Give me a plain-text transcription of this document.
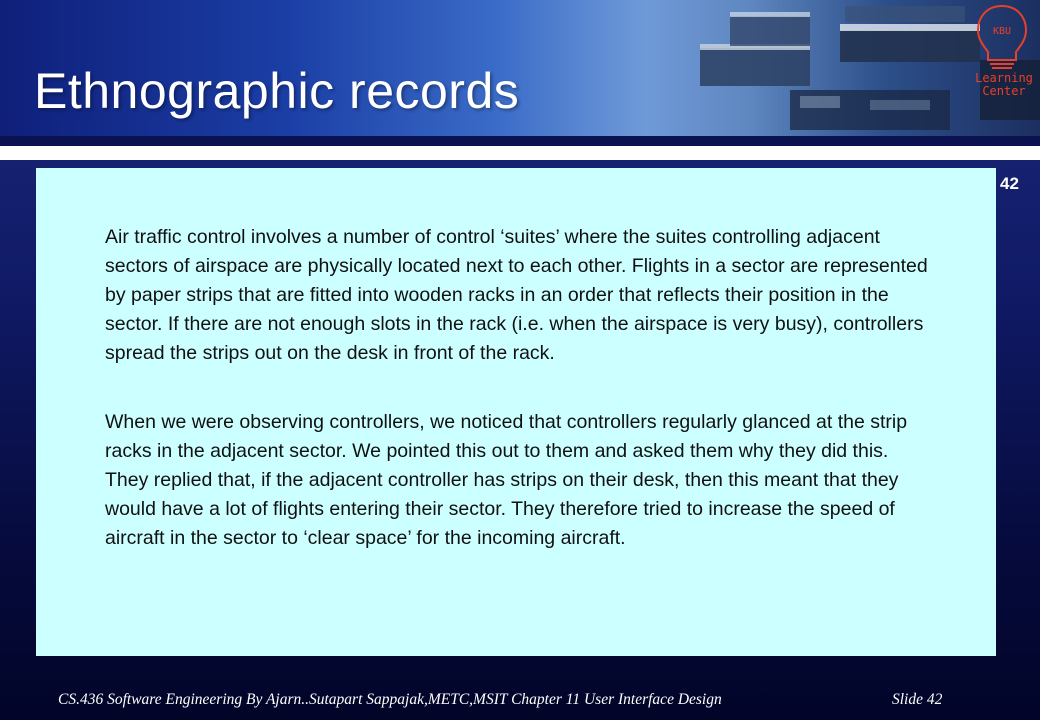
Ethnographic records
KBU
Learning
Center
42

Air traffic control involves a number of control ‘suites’ where the suites controlling adjacent sectors of airspace are physically located next to each other. Flights in a sector are represented by paper strips that are fitted into wooden racks in an order that reflects their position in the sector. If there are not enough slots in the rack (i.e. when the airspace is very busy), controllers spread the strips out on the desk in front of the rack.

When we were observing controllers, we noticed that controllers regularly glanced at the strip racks in the adjacent sector. We pointed this out to them and asked them why they did this. They replied that, if the adjacent controller has strips on their desk, then this meant that they would have a lot of flights entering their sector. They therefore tried to increase the speed of aircraft in the sector to ‘clear space’ for the incoming aircraft.

CS.436 Software Engineering By Ajarn..Sutapart Sappajak,METC,MSIT Chapter 11 User Interface Design	Slide 42
